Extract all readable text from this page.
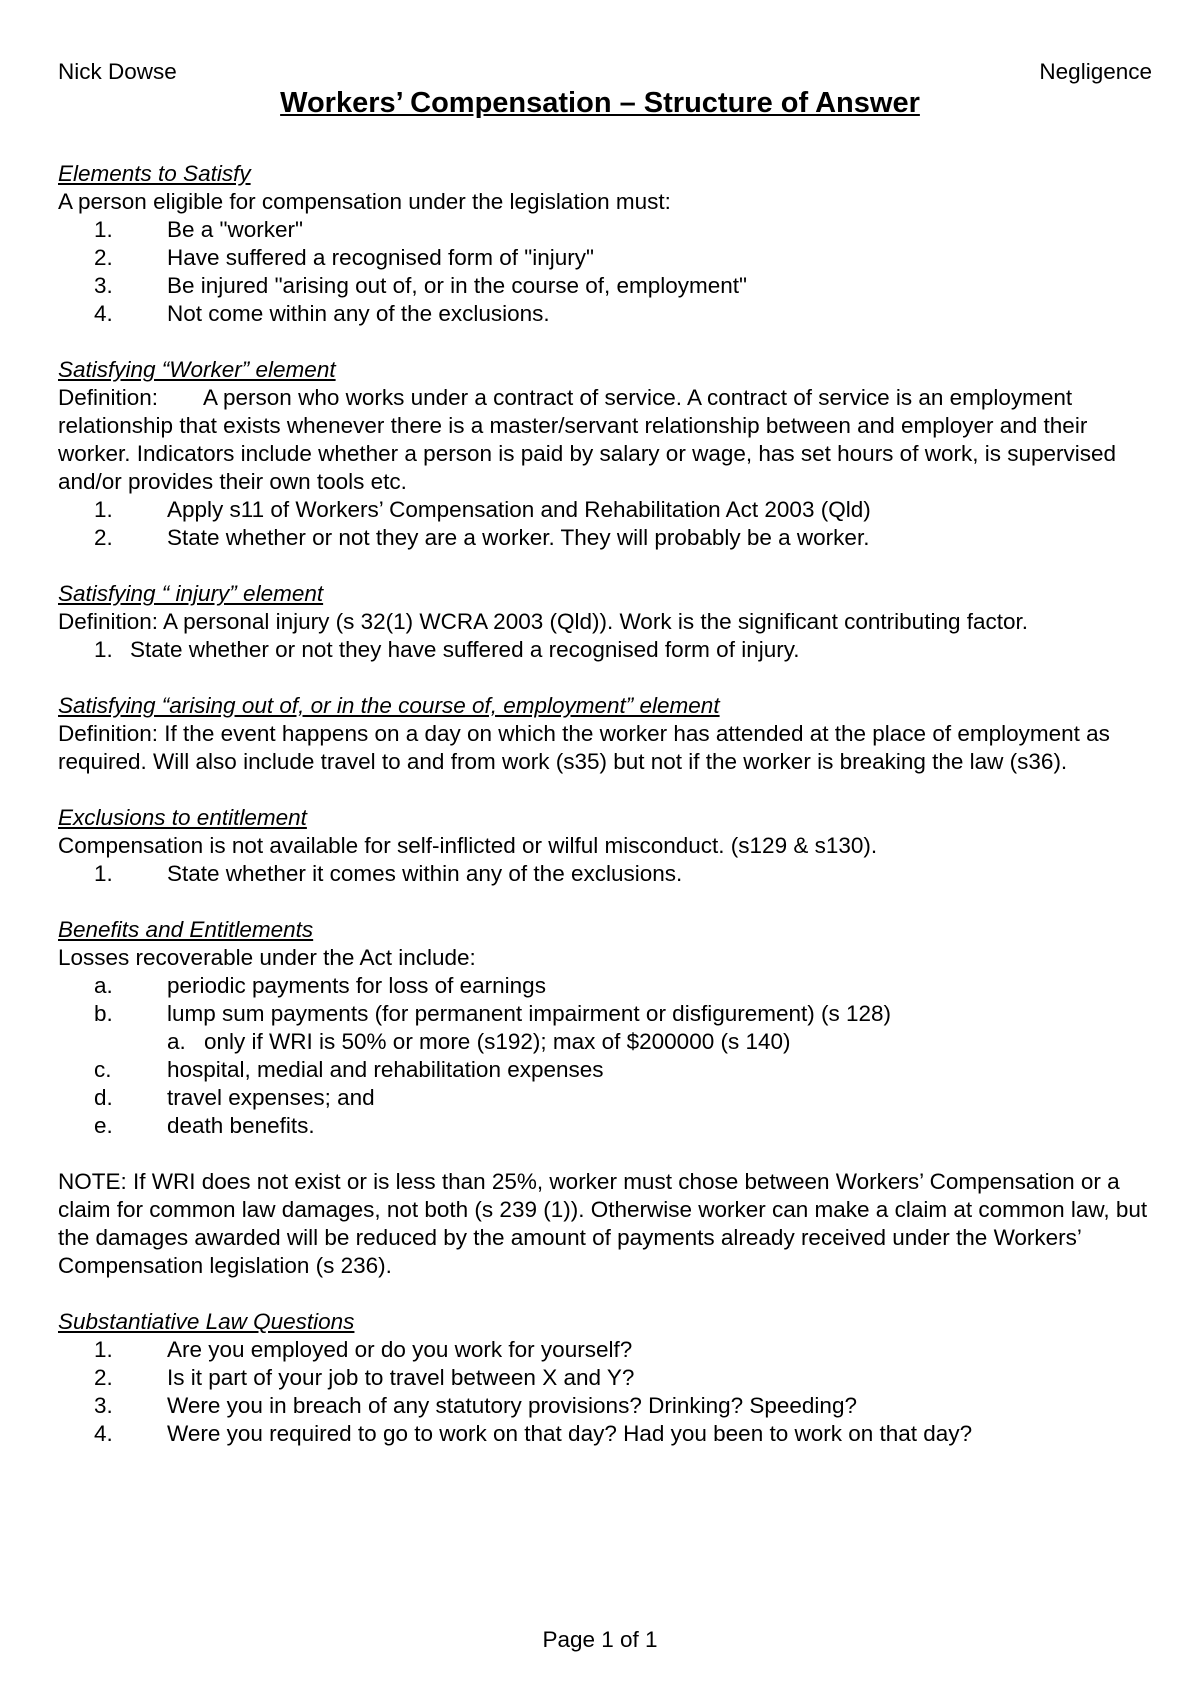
Nick Dowse	Negligence
Workers’ Compensation – Structure of Answer
Elements to Satisfy
A person eligible for compensation under the legislation must:
1.	Be a "worker"
2.	Have suffered a recognised form of "injury"
3.	Be injured "arising out of, or in the course of, employment"
4.	Not come within any of the exclusions.
Satisfying “Worker” element
Definition: A person who works under a contract of service. A contract of service is an employment relationship that exists whenever there is a master/servant relationship between and employer and their worker. Indicators include whether a person is paid by salary or wage, has set hours of work, is supervised and/or provides their own tools etc.
1.	Apply s11 of Workers’ Compensation and Rehabilitation Act 2003 (Qld)
2.	State whether or not they are a worker. They will probably be a worker.
Satisfying “ injury” element
Definition: A personal injury (s 32(1) WCRA 2003 (Qld)). Work is the significant contributing factor.
1. State whether or not they have suffered a recognised form of injury.
Satisfying “arising out of, or in the course of, employment” element
Definition: If the event happens on a day on which the worker has attended at the place of employment as required. Will also include travel to and from work (s35) but not if the worker is breaking the law (s36).
Exclusions to entitlement
Compensation is not available for self-inflicted or wilful misconduct. (s129 & s130).
1.	State whether it comes within any of the exclusions.
Benefits and Entitlements
Losses recoverable under the Act include:
a.	periodic payments for loss of earnings
b.	lump sum payments (for permanent impairment or disfigurement) (s 128)
a. only if WRI is 50% or more (s192); max of $200000 (s 140)
c.	hospital, medial and rehabilitation expenses
d.	travel expenses; and
e.	death benefits.
NOTE: If WRI does not exist or is less than 25%, worker must chose between Workers’ Compensation or a claim for common law damages, not both (s 239 (1)). Otherwise worker can make a claim at common law, but the damages awarded will be reduced by the amount of payments already received under the Workers’ Compensation legislation (s 236).
Substantiative Law Questions
1.	Are you employed or do you work for yourself?
2.	Is it part of your job to travel between X and Y?
3.	Were you in breach of any statutory provisions? Drinking? Speeding?
4.	Were you required to go to work on that day? Had you been to work on that day?
Page 1 of 1
